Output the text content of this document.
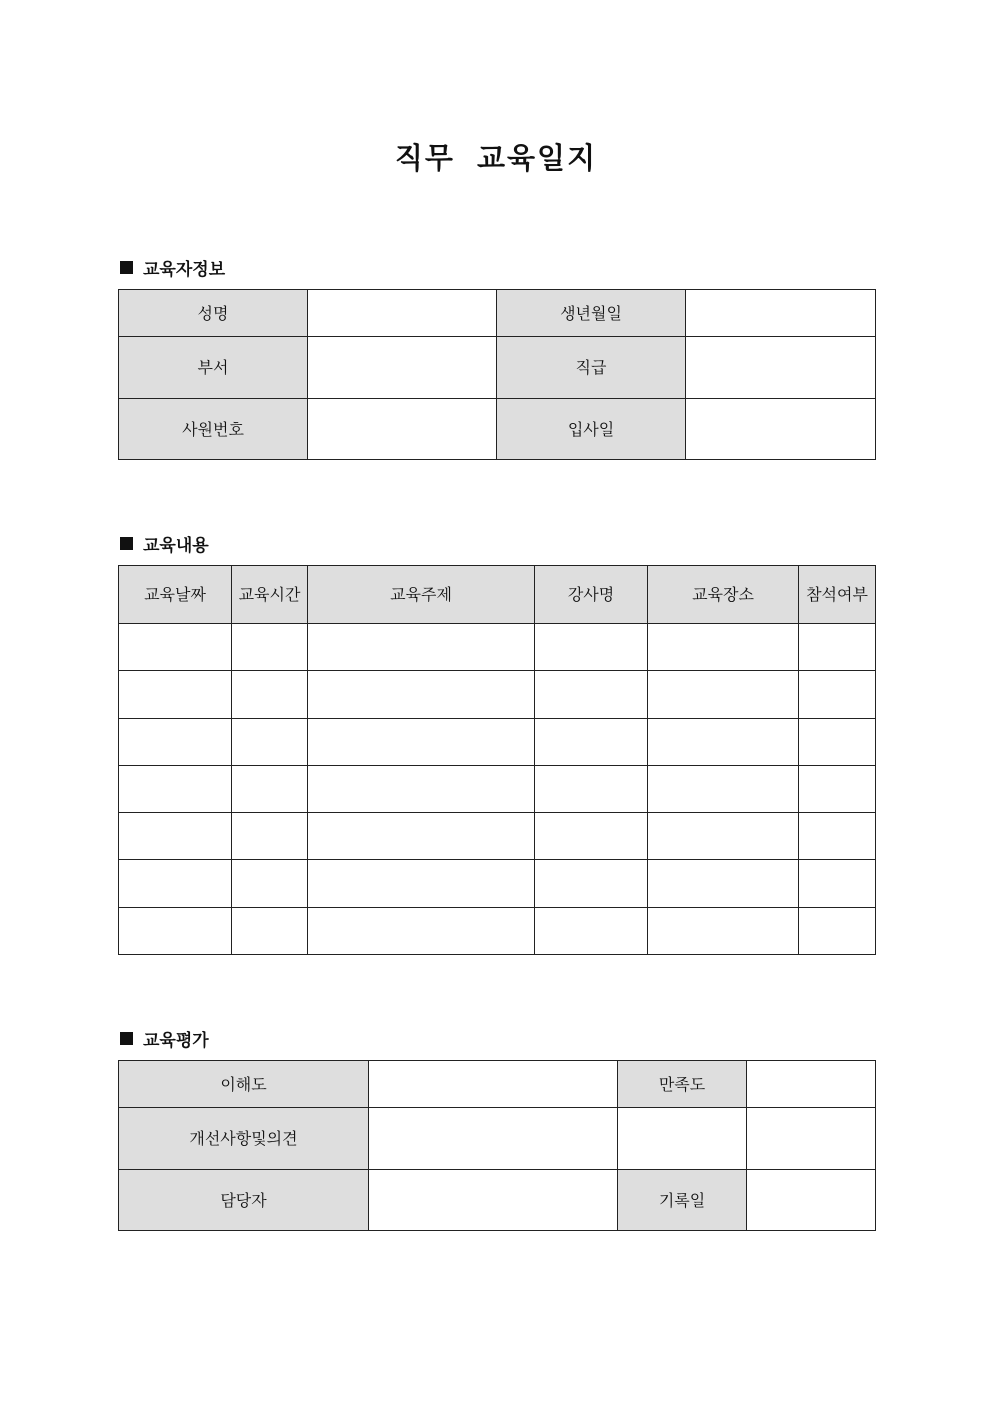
직무 교육일지
교육자정보
성명		생년월일	
부서		직급	
사원번호		입사일	
교육내용
교육날짜	교육시간	교육주제	강사명	교육장소	참석여부

교육평가
이해도		만족도	
개선사항및의견			
담당자		기록일	
